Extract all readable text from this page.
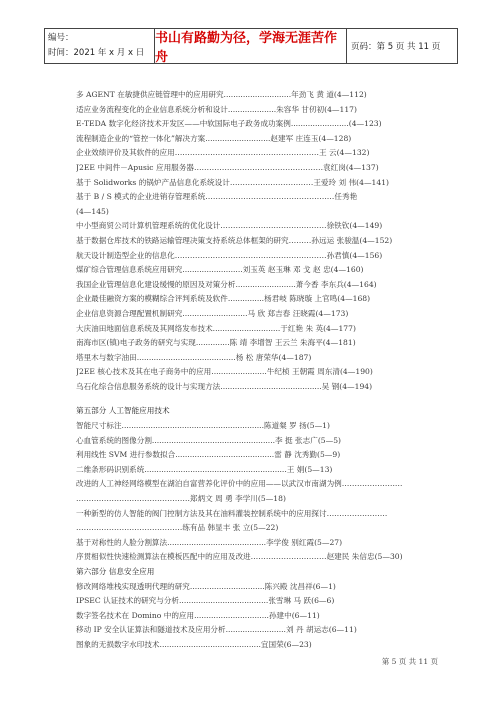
编号：
时间：2021 年 x 月 x 日
书山有路勤为径，学海无涯苦作舟
页码：第 5 页 共 11 页
多 AGENT 在敏捷供应链管理中的应用研究............................年劲飞 黄 道(4—112)
适应业务流程变化的企业信息系统分析和设计....................朱容华 甘仞初(4—117)
E-TEDA 数字化经济技术开发区——中软国际电子政务成功案例........................(4—123)
流程制造企业的“管控一体化”解决方案...........................赵建军 庄连玉(4—128)
企业效绩评价及其软件的应用…………………………………………………王 云(4—132)
J2EE 中间件－Apusic 应用服务器……………………………………………袁红岗(4—137)
基于 Solidworks 的锅炉产品信息化系统设计……………………………王爱玲 刘 伟(4—141)
基于 B / S 模式的企业进销存管理系统……………………………………………任秀艳
(4—145)
中小型商贸公司计算机管理系统的优化设计……………………………………徐铁钦(4—149)
基于数据仓库技术的铁路运输管理决策支持系统总体框架的研究………孙远运 张骏温(4—152)
航天设计制造型企业的信息化……………………………………………………孙君慎(4—156)
煤矿综合管理信息系统应用研究.........................刘玉英 赵玉琳 邓 戈 赵 忠(4—160)
我国企业管理信息化建设缓慢的原因及对策分析.........................萧今香 李东兵(4—164)
企业最佳融资方案的模糊综合评判系统及软件...............杨君岐 陈晓璇 上官鸣(4—168)
企业信息资源合理配置机制研究...........................马 欣 郑吉春 汪晓霞(4—173)
大庆油田地面信息系统及其网络发布技术............................于红艳 朱 英(4—177)
南海市区(镇)电子政务的研究与实现..............陈 靖 李增智 王云兰 朱海平(4—181)
塔里木与数字油田.........................................杨 松 唐荣华(4—187)
J2EE 核心技术及其在电子商务中的应用.......................牛纪桢 王朝霞 周东清(4—190)
乌石化综合信息服务系统的设计与实现方法..........................................吴 钢(4—194)
第五部分 人工智能应用技术
智能尺寸标注...........................................................陈道粲 罗 扬(5—1)
心血管系统的图像分割...................................................李 挺 张志广(5—5)
利用线性 SVM 进行参数拟合.........................................雷 静 沈秀勤(5—9)
二维条形码识别系统...........................................................王 娟(5—13)
改进的人工神经网络模型在湖泊自富营养化评价中的应用——以武汉市南湖为例……………………
………………………………………郑炳文 周 勇 李学川(5—18)
一种新型的仿人智能的阀门控制方法及其在油料灌装控制系统中的应用探讨……………………
……………………………………练有品 韩显丰 张 立(5—22)
基于对称性的人脸分割算法.........................................李学俊 别红霞(5—27)
序贯相似性快速检测算法在模板匹配中的应用及改进…………………………赵建民 朱信忠(5—30)
第六部分 信息安全应用
修改网络堆栈实现透明代理的研究...............................陈兴殿 沈昌祥(6—1)
IPSEC 认证技术的研究与分析.....................................张雪琳 马 跃(6—6)
数字签名技术在 Domino 中的应用...............................孙建中(6—11)
移动 IP 安全认证算法和隧道技术及应用分析.........................刘 丹 胡运志(6—11)
图象的无损数字水印技术..........................................宜国荣(6—23)
第 5 页 共 11 页
